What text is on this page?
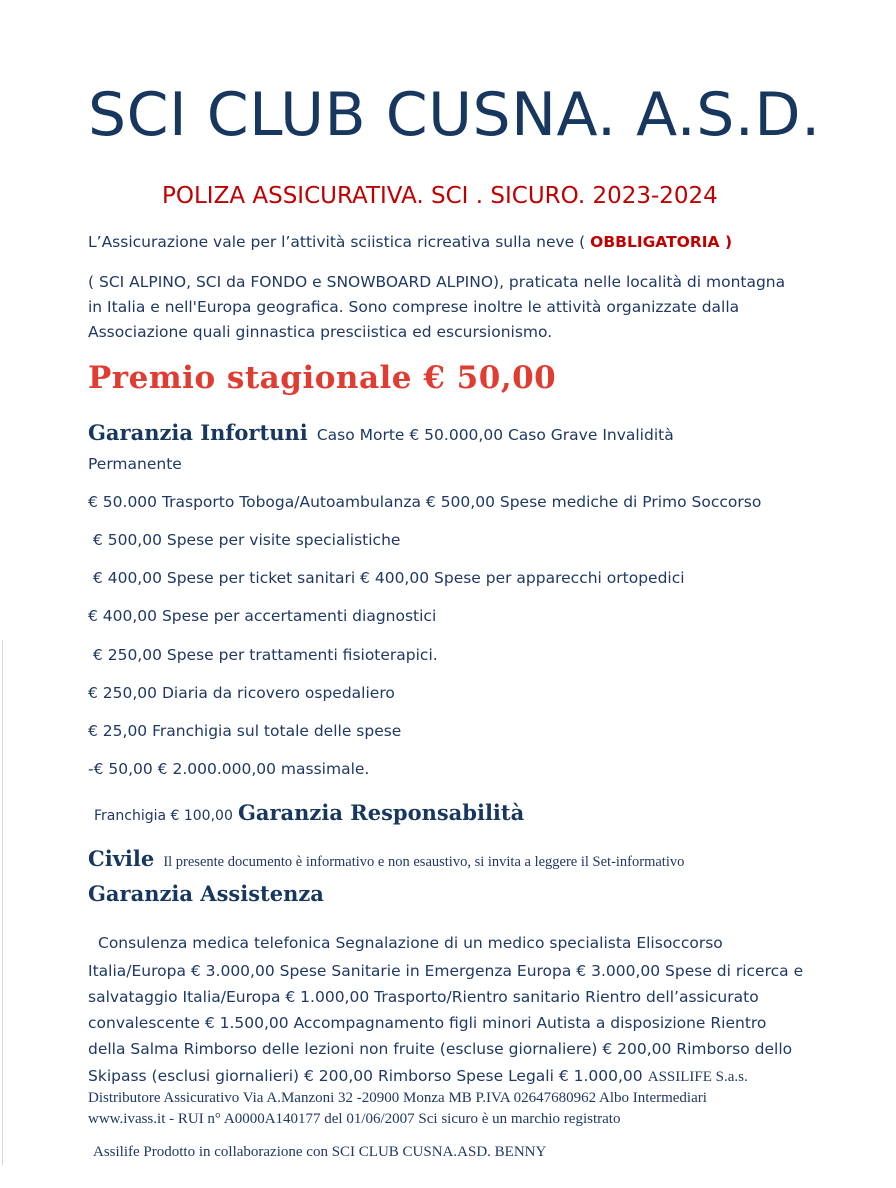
SCI CLUB CUSNA. A.S.D.
POLIZA ASSICURATIVA. SCI . SICURO. 2023-2024
L’Assicurazione vale per l’attività sciistica ricreativa sulla neve ( OBBLIGATORIA )
( SCI ALPINO, SCI da FONDO e SNOWBOARD ALPINO), praticata nelle località di montagna
in Italia e nell'Europa geografica. Sono comprese inoltre le attività organizzate dalla
Associazione quali ginnastica presciistica ed escursionismo.
Premio stagionale € 50,00
Garanzia Infortuni Caso Morte € 50.000,00 Caso Grave Invalidità
Permanente
€ 50.000 Trasporto Toboga/Autoambulanza € 500,00 Spese mediche di Primo Soccorso
€ 500,00 Spese per visite specialistiche
€ 400,00 Spese per ticket sanitari € 400,00 Spese per apparecchi ortopedici
€ 400,00 Spese per accertamenti diagnostici
€ 250,00 Spese per trattamenti fisioterapici.
€ 250,00 Diaria da ricovero ospedaliero
€ 25,00 Franchigia sul totale delle spese
-€ 50,00 € 2.000.000,00 massimale.
Franchigia € 100,00 Garanzia Responsabilità
Civile Il presente documento è informativo e non esaustivo, si invita a leggere il Set-informativo
Garanzia Assistenza
Consulenza medica telefonica Segnalazione di un medico specialista Elisoccorso
Italia/Europa € 3.000,00 Spese Sanitarie in Emergenza Europa € 3.000,00 Spese di ricerca e
salvataggio Italia/Europa € 1.000,00 Trasporto/Rientro sanitario Rientro dell’assicurato
convalescente € 1.500,00 Accompagnamento figli minori Autista a disposizione Rientro
della Salma Rimborso delle lezioni non fruite (escluse giornaliere) € 200,00 Rimborso dello
Skipass (esclusi giornalieri) € 200,00 Rimborso Spese Legali € 1.000,00 ASSILIFE S.a.s.
Distributore Assicurativo Via A.Manzoni 32 -20900 Monza MB P.IVA 02647680962 Albo Intermediari
www.ivass.it - RUI n° A0000A140177 del 01/06/2007 Sci sicuro è un marchio registrato
Assilife Prodotto in collaborazione con SCI CLUB CUSNA.ASD. BENNY
